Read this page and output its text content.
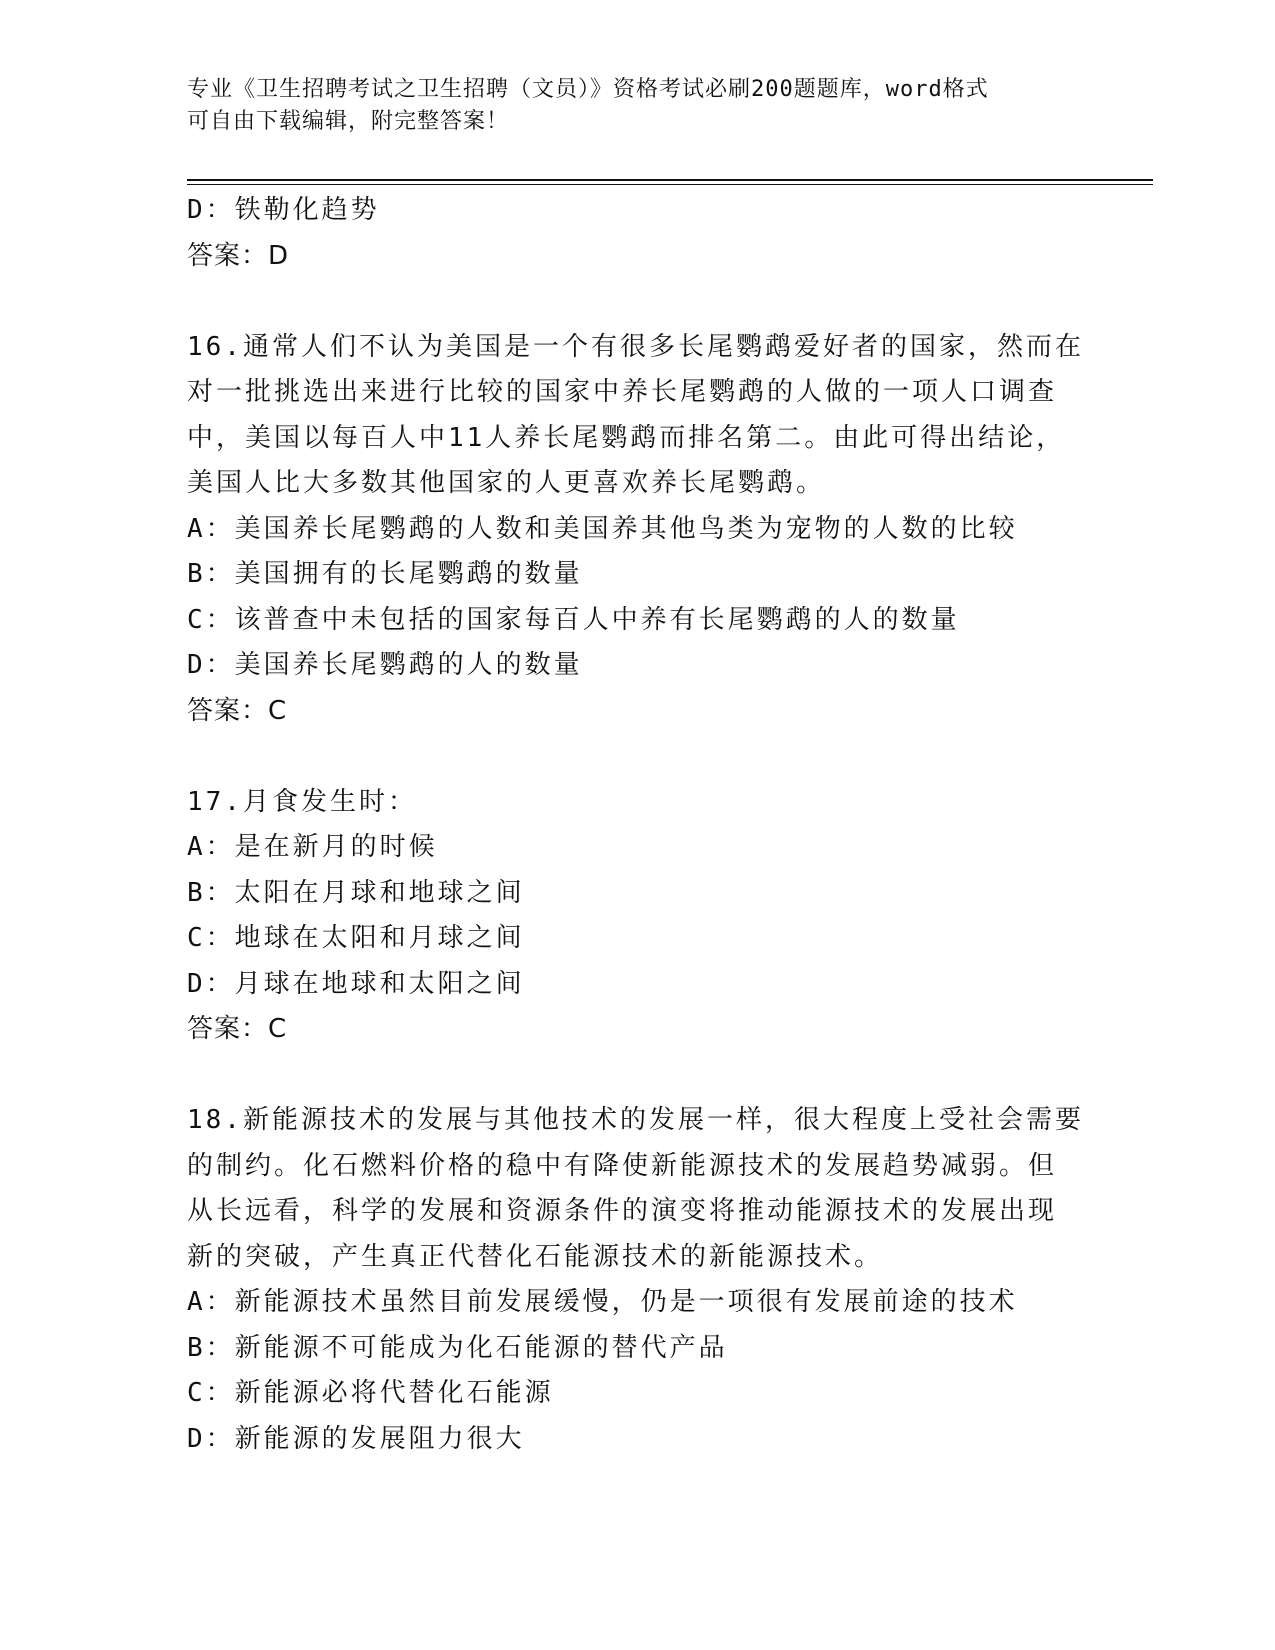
专业《卫生招聘考试之卫生招聘（文员）》资格考试必刷200题题库，word格式
可自由下载编辑，附完整答案！
D：铁勒化趋势
答案：D
16.通常人们不认为美国是一个有很多长尾鹦鹉爱好者的国家，然而在
对一批挑选出来进行比较的国家中养长尾鹦鹉的人做的一项人口调查
中，美国以每百人中11人养长尾鹦鹉而排名第二。由此可得出结论，
美国人比大多数其他国家的人更喜欢养长尾鹦鹉。
A：美国养长尾鹦鹉的人数和美国养其他鸟类为宠物的人数的比较
B：美国拥有的长尾鹦鹉的数量
C：该普查中未包括的国家每百人中养有长尾鹦鹉的人的数量
D：美国养长尾鹦鹉的人的数量
答案：C
17.月食发生时：
A：是在新月的时候
B：太阳在月球和地球之间
C：地球在太阳和月球之间
D：月球在地球和太阳之间
答案：C
18.新能源技术的发展与其他技术的发展一样，很大程度上受社会需要
的制约。化石燃料价格的稳中有降使新能源技术的发展趋势减弱。但
从长远看，科学的发展和资源条件的演变将推动能源技术的发展出现
新的突破，产生真正代替化石能源技术的新能源技术。
A：新能源技术虽然目前发展缓慢，仍是一项很有发展前途的技术
B：新能源不可能成为化石能源的替代产品
C：新能源必将代替化石能源
D：新能源的发展阻力很大
